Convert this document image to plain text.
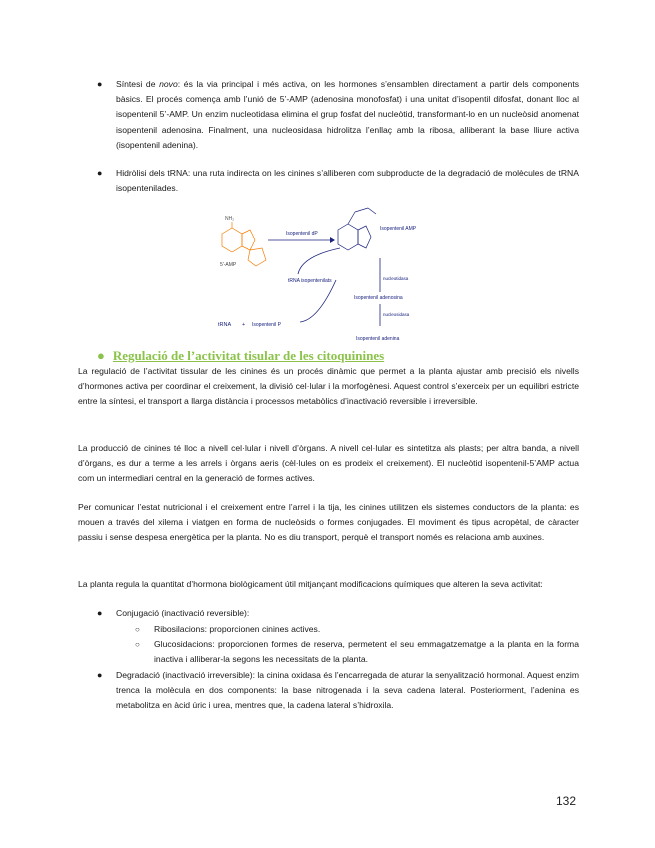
● Síntesi de novo: és la via principal i més activa, on les hormones s’ensamblen directament a partir dels components bàsics. El procés comença amb l’unió de 5’-AMP (adenosina monofosfat) i una unitat d’isopentil difosfat, donant lloc al isopentenil 5’-AMP. Un enzim nucleotidasa elimina el grup fosfat del nucleòtid, transformant-lo en un nucleòsid anomenat isopentenil adenosina. Finalment, una nucleosidasa hidrolitza l’enllaç amb la ribosa, alliberant la base lliure activa (isopentenil adenina).
● Hidròlisi dels tRNA: una ruta indirecta on les cinines s’alliberen com subproducte de la degradació de molècules de tRNA isopentenilades.
NH₂
5'-AMP
Isopentenil dP
Isopentenil AMP
tRNA isopentenilats	nucleotidasa
Isopentenil adenosina
nucleosidasa
Isopentenil adenina
tRNA + Isopentenil P
● Regulació de l’activitat tisular de les citoquinines
La regulació de l’activitat tissular de les cinines és un procés dinàmic que permet a la planta ajustar amb precisió els nivells d’hormones activa per coordinar el creixement, la divisió cel·lular i la morfogènesi. Aquest control s’exerceix per un equilibri estricte entre la síntesi, el transport a llarga distància i processos metabòlics d’inactivació reversible i irreversible.
La producció de cinines té lloc a nivell cel·lular i nivell d’òrgans. A nivell cel·lular es sintetitza als plasts; per altra banda, a nivell d’òrgans, es dur a terme a les arrels i òrgans aeris (cèl·lules on es prodeix el creixement). El nucleòtid isopentenil-5’AMP actua com un intermediari central en la generació de formes actives.
Per comunicar l’estat nutricional i el creixement entre l’arrel i la tija, les cinines utilitzen els sistemes conductors de la planta: es mouen a través del xilema i viatgen en forma de nucleòsids o formes conjugades. El moviment és tipus acropètal, de càracter passiu i sense despesa energètica per la planta. No es diu transport, perquè el transport només es relaciona amb auxines.
La planta regula la quantitat d’hormona biològicament útil mitjançant modificacions químiques que alteren la seva activitat:
● Conjugació (inactivació reversible):
○ Ribosilacions: proporcionen cinines actives.
○ Glucosidacions: proporcionen formes de reserva, permetent el seu emmagatzematge a la planta en la forma inactiva i alliberar-la segons les necessitats de la planta.
● Degradació (inactivació irreversible): la cinina oxidasa és l’encarregada de aturar la senyalització hormonal. Aquest enzim trenca la molècula en dos components: la base nitrogenada i la seva cadena lateral. Posteriorment, l’adenina es metabolitza en àcid úric i urea, mentres que, la cadena lateral s’hidroxila.
132
